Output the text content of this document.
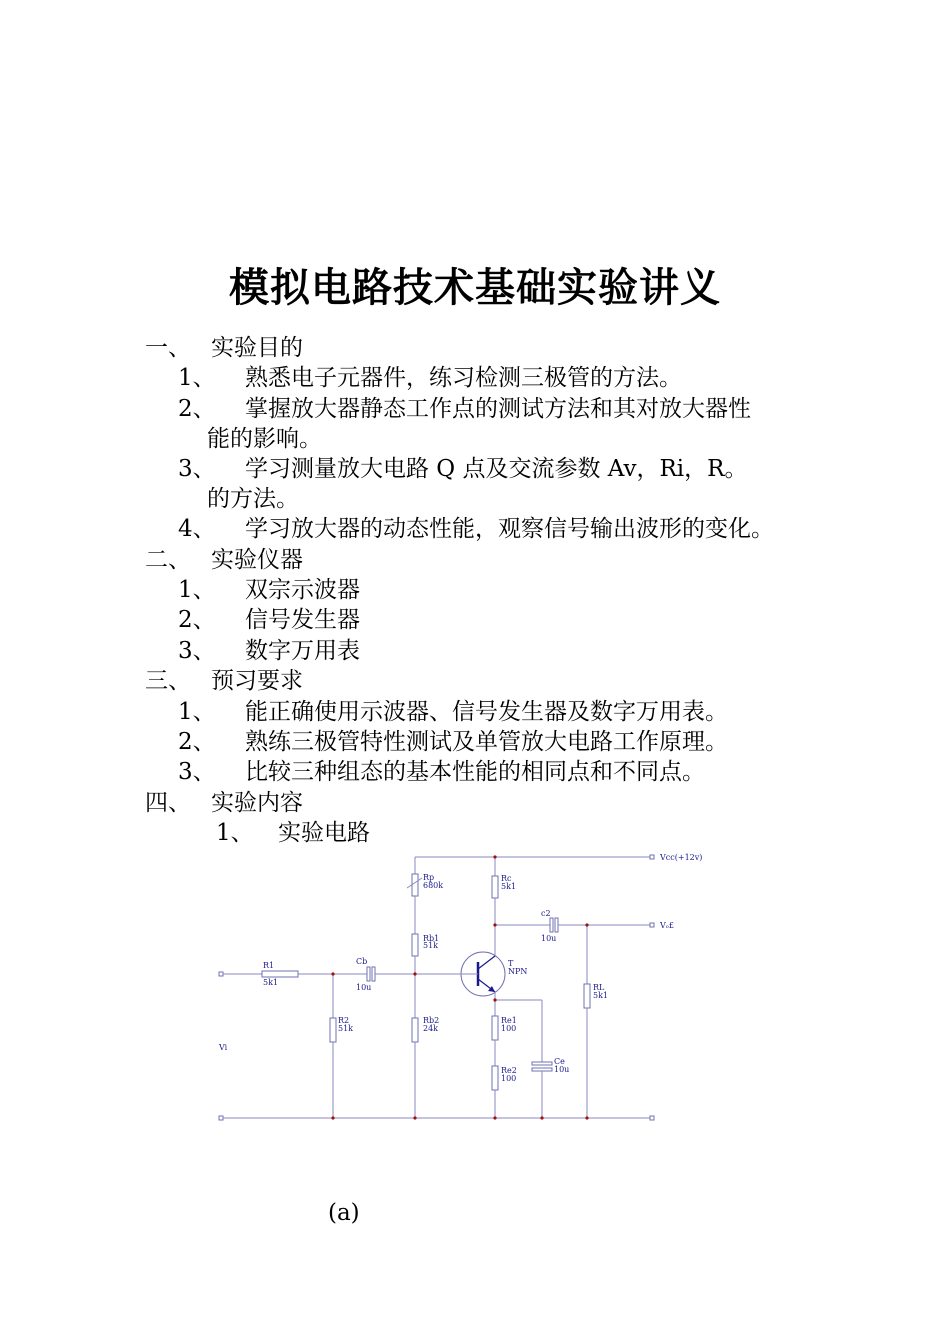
模拟电路技术基础实验讲义
一、 实验目的
1、 熟悉电子元器件，练习检测三极管的方法。
2、 掌握放大器静态工作点的测试方法和其对放大器性
能的影响。
3、 学习测量放大电路 Q 点及交流参数 Av，Ri，R。
的方法。
4、 学习放大器的动态性能，观察信号输出波形的变化。
二、 实验仪器
1、 双宗示波器
2、 信号发生器
3、 数字万用表
三、 预习要求
1、 能正确使用示波器、信号发生器及数字万用表。
2、 熟练三极管特性测试及单管放大电路工作原理。
3、 比较三种组态的基本性能的相同点和不同点。
四、 实验内容
1、 实验电路
Vcc(+12v)
Rp
680k
Rb1
51k
Rb2
24k
Rc
5k1
c2
10u
Vₒ£
RL
5k1
T
NPN
Re1
100
Re2
100
Ce
10u
R1
5k1
Cb
10u
R2
51k
Vi
(a)
